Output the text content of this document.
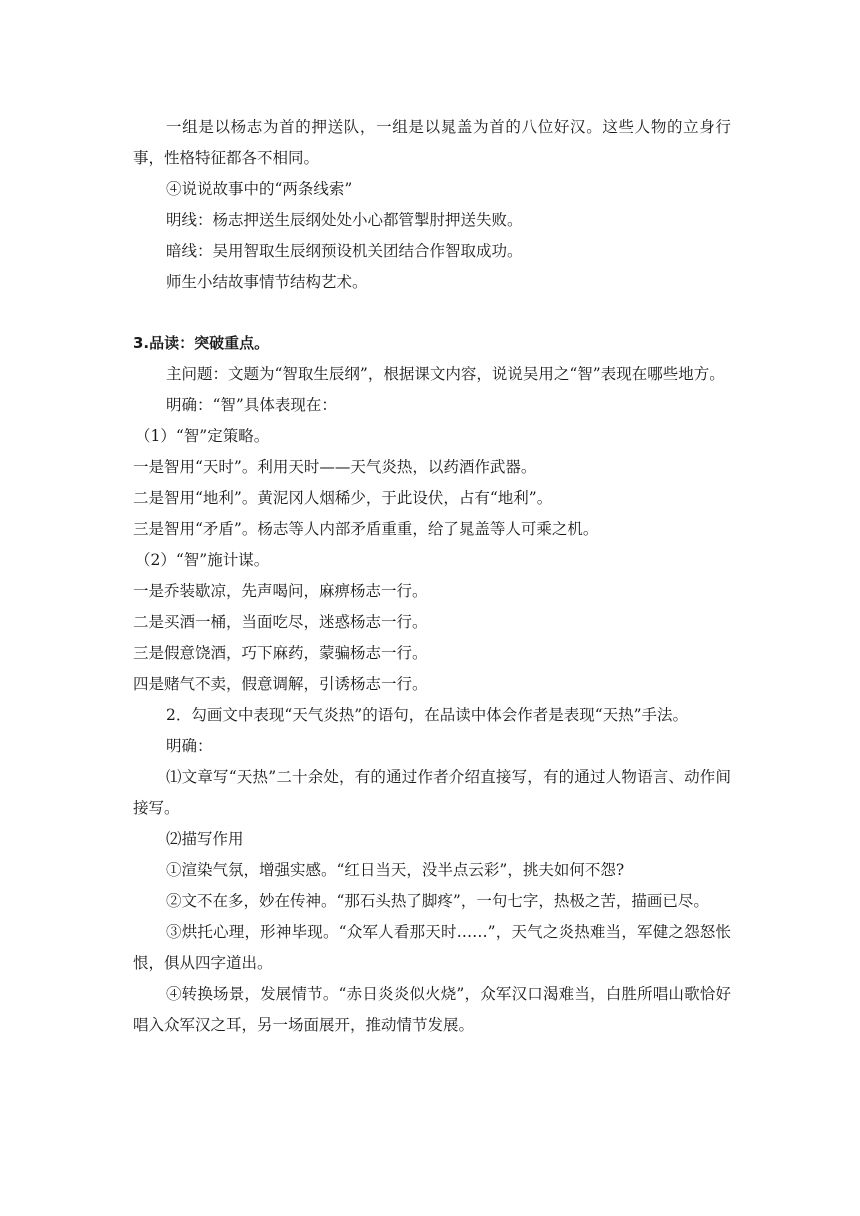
一组是以杨志为首的押送队，一组是以晁盖为首的八位好汉。这些人物的立身行事，性格特征都各不相同。

④说说故事中的“两条线索”

明线：杨志押送生辰纲处处小心都管掣肘押送失败。

暗线：吴用智取生辰纲预设机关团结合作智取成功。

师生小结故事情节结构艺术。

3.品读：突破重点。

主问题：文题为“智取生辰纲”，根据课文内容，说说吴用之“智”表现在哪些地方。

明确：“智”具体表现在：

（1）“智”定策略。

一是智用“天时”。利用天时——天气炎热，以药酒作武器。

二是智用“地利”。黄泥冈人烟稀少，于此设伏，占有“地利”。

三是智用“矛盾”。杨志等人内部矛盾重重，给了晁盖等人可乘之机。

（2）“智”施计谋。

一是乔装歇凉，先声喝问，麻痹杨志一行。

二是买酒一桶，当面吃尽，迷惑杨志一行。

三是假意饶酒，巧下麻药，蒙骗杨志一行。

四是赌气不卖，假意调解，引诱杨志一行。

2．勾画文中表现“天气炎热”的语句，在品读中体会作者是表现“天热”手法。

明确：

⑴文章写“天热”二十余处，有的通过作者介绍直接写，有的通过人物语言、动作间接写。

⑵描写作用

①渲染气氛，增强实感。“红日当天，没半点云彩”，挑夫如何不怨?

②文不在多，妙在传神。“那石头热了脚疼”，一句七字，热极之苦，描画已尽。

③烘托心理，形神毕现。“众军人看那天时……”，天气之炎热难当，军健之怨怒怅恨，俱从四字道出。

④转换场景，发展情节。“赤日炎炎似火烧”，众军汉口渴难当，白胜所唱山歌恰好唱入众军汉之耳，另一场面展开，推动情节发展。
